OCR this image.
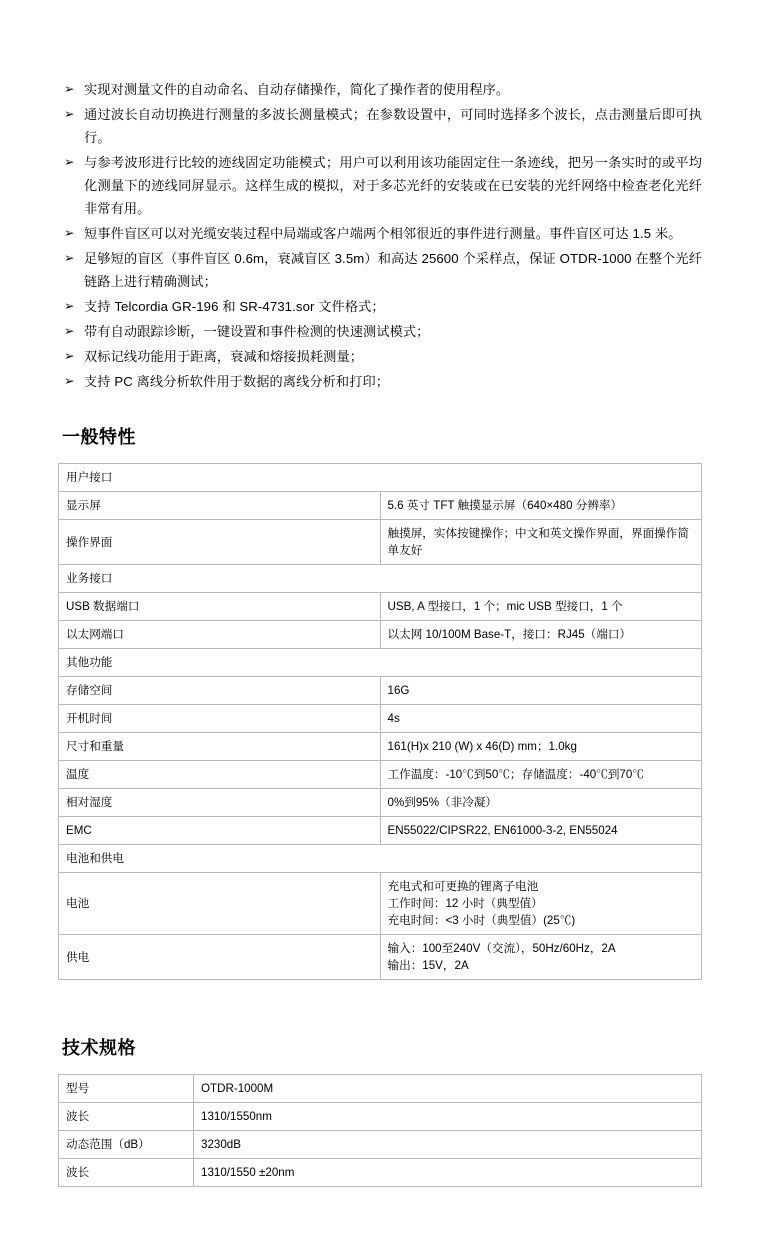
➢ 实现对测量文件的自动命名、自动存储操作，简化了操作者的使用程序。
➢ 通过波长自动切换进行测量的多波长测量模式；在参数设置中，可同时选择多个波长，点击测量后即可执行。
➢ 与参考波形进行比较的迹线固定功能模式；用户可以利用该功能固定住一条迹线，把另一条实时的或平均化测量下的迹线同屏显示。这样生成的模拟，对于多芯光纤的安装或在已安装的光纤网络中检查老化光纤非常有用。
➢ 短事件盲区可以对光缆安装过程中局端或客户端两个相邻很近的事件进行测量。事件盲区可达 1.5 米。
➢ 足够短的盲区（事件盲区 0.6m，衰减盲区 3.5m）和高达 25600 个采样点，保证 OTDR-1000 在整个光纤链路上进行精确测试；
➢ 支持 Telcordia GR-196 和 SR-4731.sor 文件格式；
➢ 带有自动跟踪诊断，一键设置和事件检测的快速测试模式；
➢ 双标记线功能用于距离，衰减和熔接损耗测量；
➢ 支持 PC 离线分析软件用于数据的离线分析和打印；
一般特性
用户接口	
显示屏	5.6 英寸 TFT 触摸显示屏（640×480 分辨率）
操作界面	触摸屏，实体按键操作；中文和英文操作界面，界面操作简单友好
业务接口	
USB 数据端口	USB, A 型接口，1 个；mic USB 型接口，1 个
以太网端口	以太网 10/100M Base-T，接口：RJ45（端口）
其他功能	
存储空间	16G
开机时间	4s
尺寸和重量	161(H)x 210 (W) x 46(D) mm；1.0kg
温度	工作温度：-10℃到50℃；存储温度：-40℃到70℃
相对湿度	0%到95%（非冷凝）
EMC	EN55022/CIPSR22, EN61000-3-2, EN55024
电池和供电	
电池	充电式和可更换的锂离子电池
工作时间：12 小时（典型值）
充电时间：<3 小时（典型值）(25℃)

供电	输入：100至240V（交流），50Hz/60Hz，2A
输出：15V，2A
技术规格
型号	OTDR-1000M
波长	1310/1550nm
动态范围（dB）	3230dB
波长	1310/1550 ±20nm
